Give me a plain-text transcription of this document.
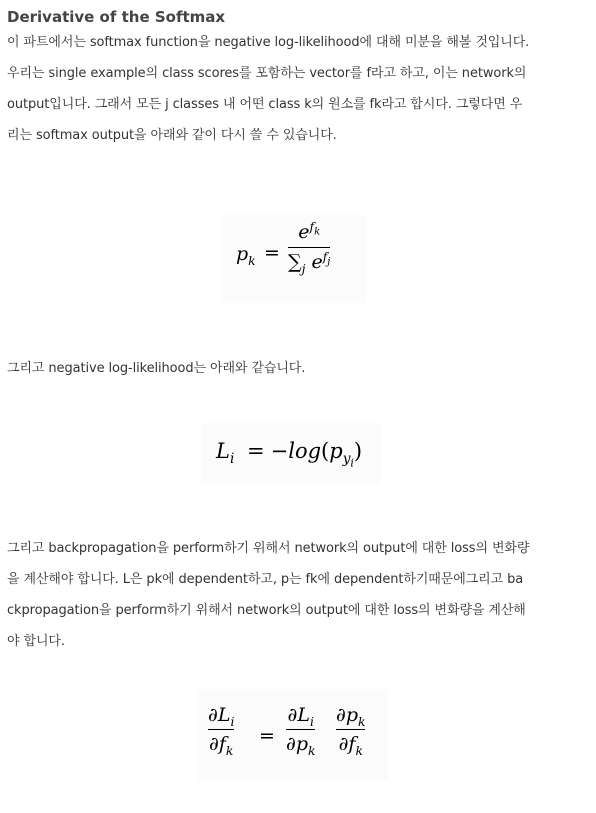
Derivative of the Softmax

이 파트에서는 softmax function을 negative log-likelihood에 대해 미분을 해볼 것입니다.
우리는 single example의 class scores를 포함하는 vector를 f라고 하고, 이는 network의
output입니다. 그래서 모든 j classes 내 어떤 class k의 원소를 fk라고 합시다. 그렇다면 우
리는 softmax output을 아래와 같이 다시 쓸 수 있습니다.

$p_k$ =
$e^{f_k}$
$\sum_j$ $e^{f_j}$

그리고 negative log-likelihood는 아래와 같습니다.

$L_i = -\log(p_{y_i})$

그리고 backpropagation을 perform하기 위해서 network의 output에 대한 loss의 변화량
을 계산해야 합니다. L은 pk에 dependent하고, p는 fk에 dependent하기때문에그리고 ba
ckpropagation을 perform하기 위해서 network의 output에 대한 loss의 변화량을 계산해
야 합니다.

$\partial L_i$
$\partial f_k$
=
$\partial L_i$
$\partial p_k$
$\partial p_k$
$\partial f_k$
